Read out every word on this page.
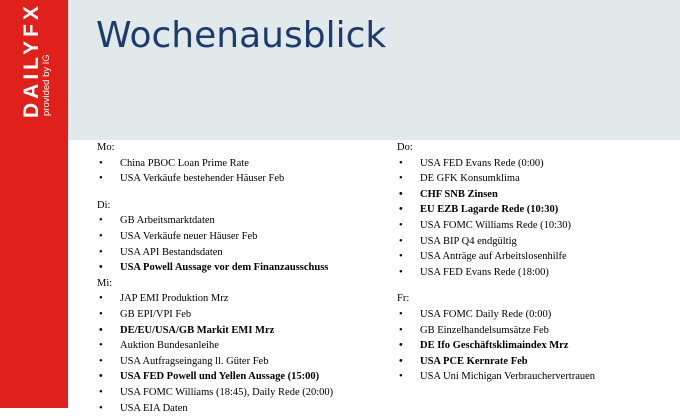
DAILYFX
provided by IG
Wochenausblick
Mo:
• China PBOC Loan Prime Rate
• USA Verkäufe bestehender Häuser Feb
Di:
• GB Arbeitsmarktdaten
• USA Verkäufe neuer Häuser Feb
• USA API Bestandsdaten
• USA Powell Aussage vor dem Finanzausschuss
Mi:
• JAP EMI Produktion Mrz
• GB EPI/VPI Feb
• DE/EU/USA/GB Markit EMI Mrz
• Auktion Bundesanleihe
• USA Autfragseingang ll. Güter Feb
• USA FED Powell und Yellen Aussage (15:00)
• USA FOMC Williams (18:45), Daily Rede (20:00)
• USA EIA Daten
Do:
• USA FED Evans Rede (0:00)
• DE GFK Konsumklima
• CHF SNB Zinsen
• EU EZB Lagarde Rede (10:30)
• USA FOMC Williams Rede (10:30)
• USA BIP Q4 endgültig
• USA Anträge auf Arbeitslosenhilfe
• USA FED Evans Rede (18:00)
Fr:
• USA FOMC Daily Rede (0:00)
• GB Einzelhandelsumsätze Feb
• DE Ifo Geschäftsklimaindex Mrz
• USA PCE Kernrate Feb
• USA Uni Michigan Verbrauchervertrauen
